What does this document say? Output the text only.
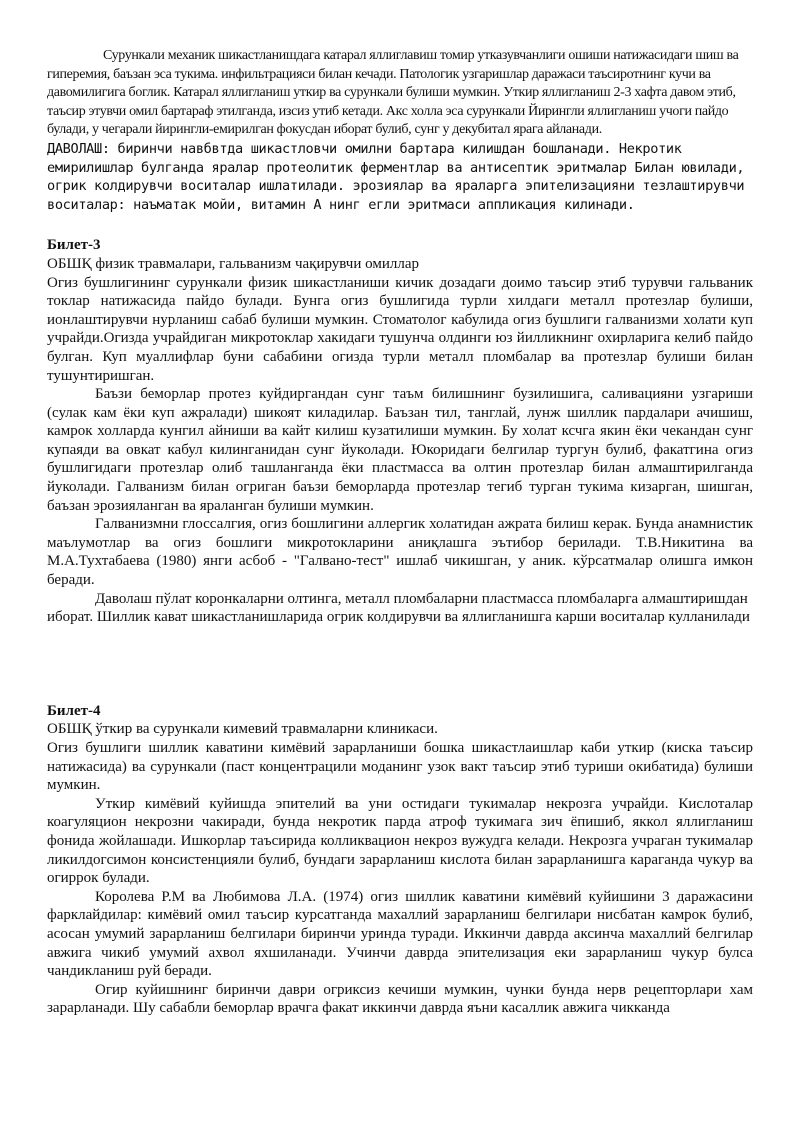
Сурункали механик шикастланишдага катарал яллиглавиш томир утказувчанлиги ошиши натижасидаги шиш ва гиперемия, баъзан эса тукима. инфильтрацияси билан кечади. Патологик узгаришлар даражаси таъсиротнинг кучи ва давомилигига боглик. Катарал яллигланиш уткир ва сурункали булиши мумкин. Уткир яллигланиш 2-3 хафта давом этиб, таъсир этувчи омил бартараф этилганда, изсиз утиб кетади. Акс холла эса сурункали Йирингли яллигланиш учоги пайдо булади, у чегарали йирингли-емирилган фокусдан иборат булиб, сунг у декубитал ярага айланади.

ДАВОЛАШ: биринчи навбвтда шикастловчи омилни бартара килишдан бошланади. Некротик емирилишлар булганда яралар протеолитик ферментлар ва антисептик эритмалар Билан ювилади, огрик колдирувчи воситалар ишлатилади. эрозиялар ва яраларга эпителизацияни тезлаштирувчи воситалар: наъматак мойи, витамин А нинг егли эритмаси аппликация килинади.

Билет-3

ОБШҚ физик травмалари, гальванизм чақирувчи омиллар

Огиз бушлигининг сурункали физик шикастланиши кичик дозадаги доимо таъсир этиб турувчи гальваник токлар натижасида пайдо булади. Бунга огиз бушлигида турли хилдаги металл протезлар булиши, ионлаштирувчи нурланиш сабаб булиши мумкин. Стоматолог кабулида огиз бушлиги галванизми холати куп учрайди.Огизда учрайдиган микротоклар хакидаги тушунча олдинги юз йилликнинг охирларига келиб пайдо булган. Куп муаллифлар буни сабабини огизда турли металл пломбалар ва протезлар булиши билан тушунтиришган.

Баъзи беморлар протез куйдиргандан сунг таъм билишнинг бузилишига, саливацияни узгариши (сулак кам ёки куп ажралади) шикоят киладилар. Баъзан тил, танглай, лунж шиллик пардалари ачишиш, камрок холларда кунгил айниши ва кайт килиш кузатилиши мумкин. Бу холат ксчга якин ёки чекандан сунг купаяди ва овкат кабул килинганидан сунг йуколади. Юкоридаги белгилар тургун булиб, факатгина огиз бушлигидаги протезлар олиб ташланганда ёки пластмасса ва олтин протезлар билан алмаштирилганда йуколади. Галванизм билан огриган баъзи беморларда протезлар тегиб турган тукима кизарган, шишган, баъзан эрозияланган ва яраланган булиши мумкин.

Галванизмни глоссалгия, огиз бошлигини аллергик холатидан ажрата билиш керак. Бунда анамнистик маълумотлар ва огиз бошлиги микротокларини аниқлашга эътибор берилади. Т.В.Никитина ва М.А.Тухтабаева (1980) янги асбоб - "Галвано-тест" ишлаб чикишган, у аник. кўрсатмалар олишга имкон беради.

Даволаш пўлат коронкаларни олтинга, металл пломбаларни пластмасса пломбаларга алмаштиришдан иборат. Шиллик кават шикастланишларида огрик колдирувчи ва яллигланишга карши воситалар кулланилади

Билет-4

ОБШҚ ўткир ва сурункали кимевий травмаларни клиникаси.

Огиз бушлиги шиллик каватини кимёвий зарарланиши бошка шикастлаишлар каби уткир (киска таъсир натижасида) ва сурункали (паст концентрацили моданинг узок вакт таъсир этиб туриши окибатида) булиши мумкин.

Уткир кимёвий куйишда эпителий ва уни остидаги тукималар некрозга учрайди. Кислоталар коагуляцион некрозни чакиради, бунда некротик парда атроф тукимага зич ёпишиб, яккол яллигланиш фонида жойлашади. Ишкорлар таъсирида колликвацион некроз вужудга келади. Некрозга учраган тукималар ликилдогсимон консистенцияли булиб, бундаги зарарланиш кислота билан зарарланишга караганда чукур ва огиррок булади.

Королева Р.М ва Любимова Л.А. (1974) огиз шиллик каватини кимёвий куйишини 3 даражасини фарклайдилар: кимёвий омил таъсир курсатганда махаллий зарарланиш белгилари нисбатан камрок булиб, асосан умумий зарарланиш белгилари биринчи уринда туради. Иккинчи даврда аксинча махаллий белгилар авжига чикиб умумий ахвол яхшиланади. Учинчи даврда эпителизация еки зарарланиш чукур булса чандикланиш руй беради.

Огир куйишнинг биринчи даври огриксиз кечиши мумкин, чунки бунда нерв рецепторлари хам зарарланади. Шу сабабли беморлар врачга факат иккинчи даврда яъни касаллик авжига чикканда
